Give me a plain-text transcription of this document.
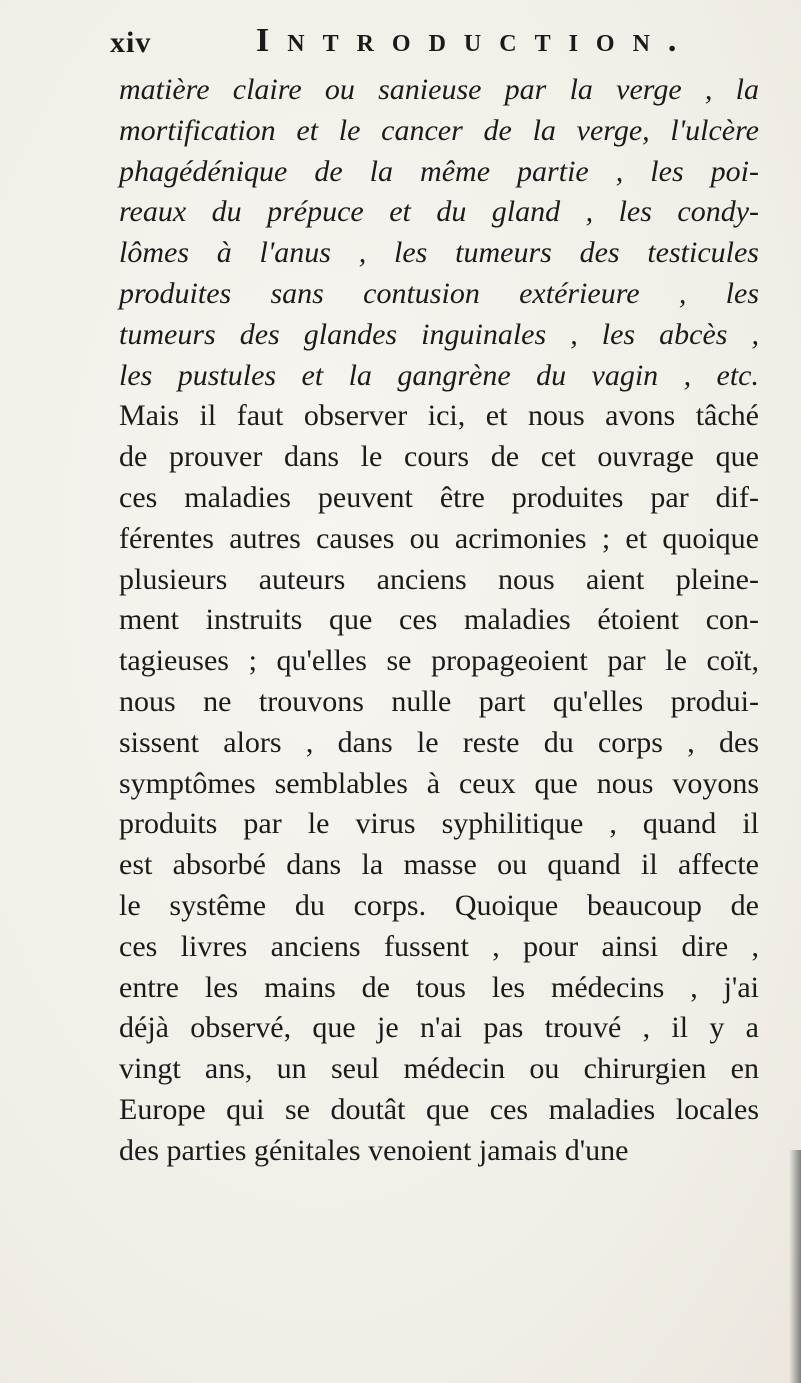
xiv	Introduction.
matière claire ou sanieuse par la verge , la
mortification et le cancer de la verge, l'ulcère
phagédénique de la même partie , les poi-
reaux du prépuce et du gland , les condy-
lômes à l'anus , les tumeurs des testicules
produites sans contusion extérieure , les
tumeurs des glandes inguinales , les abcès ,
les pustules et la gangrène du vagin , etc.
Mais il faut observer ici, et nous avons tâché
de prouver dans le cours de cet ouvrage que
ces maladies peuvent être produites par dif-
férentes autres causes ou acrimonies ; et quoique
plusieurs auteurs anciens nous aient pleine-
ment instruits que ces maladies étoient con-
tagieuses ; qu'elles se propageoient par le coït,
nous ne trouvons nulle part qu'elles produi-
sissent alors , dans le reste du corps , des
symptômes semblables à ceux que nous voyons
produits par le virus syphilitique , quand il
est absorbé dans la masse ou quand il affecte
le systême du corps. Quoique beaucoup de
ces livres anciens fussent , pour ainsi dire ,
entre les mains de tous les médecins , j'ai
déjà observé, que je n'ai pas trouvé , il y a
vingt ans, un seul médecin ou chirurgien en
Europe qui se doutât que ces maladies locales
des parties génitales venoient jamais d'une
